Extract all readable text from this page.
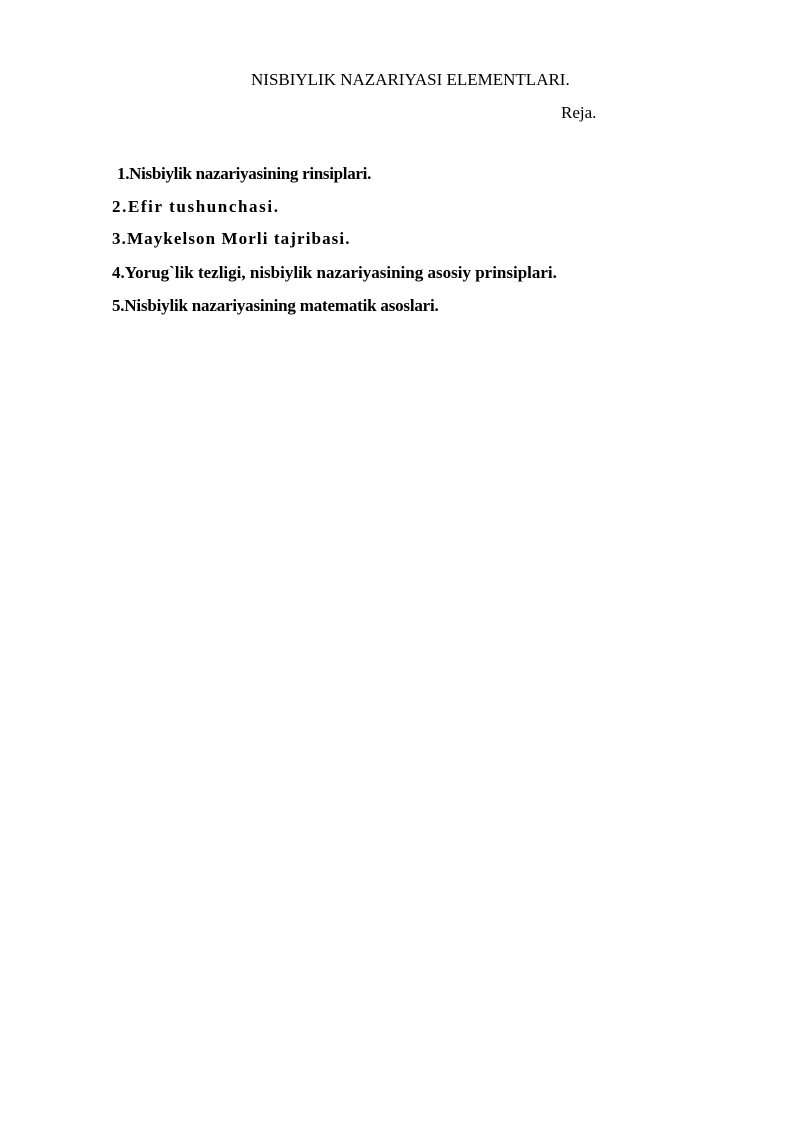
NISBIYLIK NAZARIYASI ELEMENTLARI.
Reja.
1.Nisbiylik nazariyasining rinsiplari.
2.Efir tushunchasi.
3.Maykelson Morli tajribasi.
4.Yorug`lik tezligi, nisbiylik nazariyasining asosiy prinsiplari.
5.Nisbiylik nazariyasining matematik asoslari.
